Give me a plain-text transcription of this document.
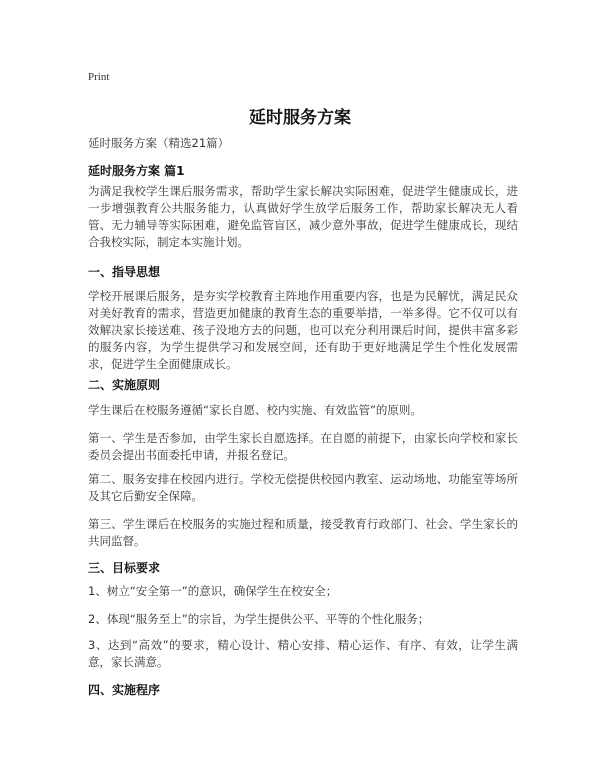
Print
延时服务方案
延时服务方案（精选21篇）
延时服务方案 篇1
为满足我校学生课后服务需求，帮助学生家长解决实际困难，促进学生健康成长，进一步增强教育公共服务能力，认真做好学生放学后服务工作，帮助家长解决无人看管、无力辅导等实际困难，避免监管盲区，减少意外事故，促进学生健康成长，现结合我校实际，制定本实施计划。
一、指导思想
学校开展课后服务，是夯实学校教育主阵地作用重要内容，也是为民解忧，满足民众对美好教育的需求，营造更加健康的教育生态的重要举措，一举多得。它不仅可以有效解决家长接送难、孩子没地方去的问题，也可以充分利用课后时间，提供丰富多彩的服务内容，为学生提供学习和发展空间，还有助于更好地满足学生个性化发展需求，促进学生全面健康成长。
二、实施原则
学生课后在校服务遵循“家长自愿、校内实施、有效监管”的原则。
第一、学生是否参加，由学生家长自愿选择。在自愿的前提下，由家长向学校和家长委员会提出书面委托申请，并报名登记。
第二、服务安排在校园内进行。学校无偿提供校园内教室、运动场地、功能室等场所及其它后勤安全保障。
第三、学生课后在校服务的实施过程和质量，接受教育行政部门、社会、学生家长的共同监督。
三、目标要求
1、树立“安全第一”的意识，确保学生在校安全；
2、体现“服务至上”的宗旨，为学生提供公平、平等的个性化服务；
3、达到“高效”的要求，精心设计、精心安排、精心运作、有序、有效，让学生满意，家长满意。
四、实施程序
